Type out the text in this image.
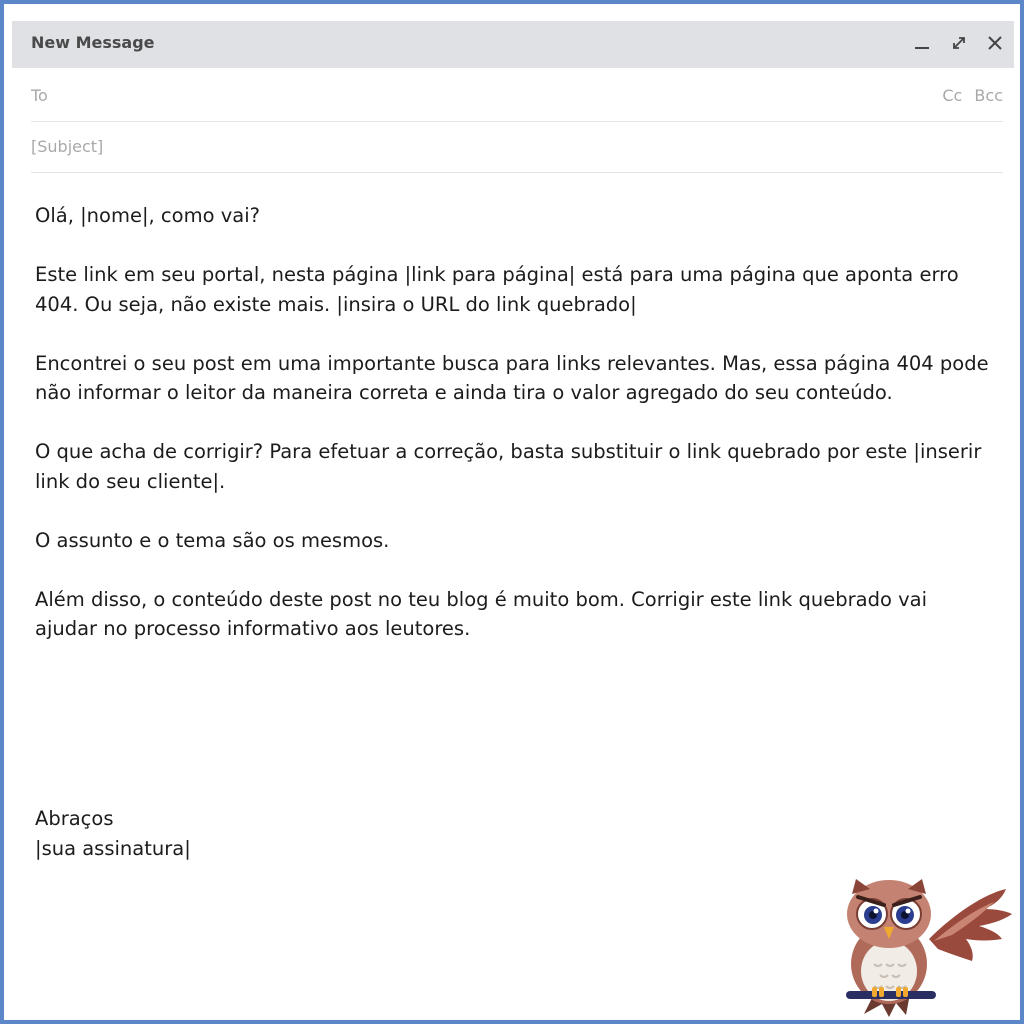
New Message
To	Cc Bcc
[Subject]

Olá, |nome|, como vai?

Este link em seu portal, nesta página |link para página| está para uma página que aponta erro 404. Ou seja, não existe mais. |insira o URL do link quebrado|

Encontrei o seu post em uma importante busca para links relevantes. Mas, essa página 404 pode não informar o leitor da maneira correta e ainda tira o valor agregado do seu conteúdo.

O que acha de corrigir? Para efetuar a correção, basta substituir o link quebrado por este |inserir link do seu cliente|.

O assunto e o tema são os mesmos.

Além disso, o conteúdo deste post no teu blog é muito bom. Corrigir este link quebrado vai ajudar no processo informativo aos leutores.

Abraços
|sua assinatura|
